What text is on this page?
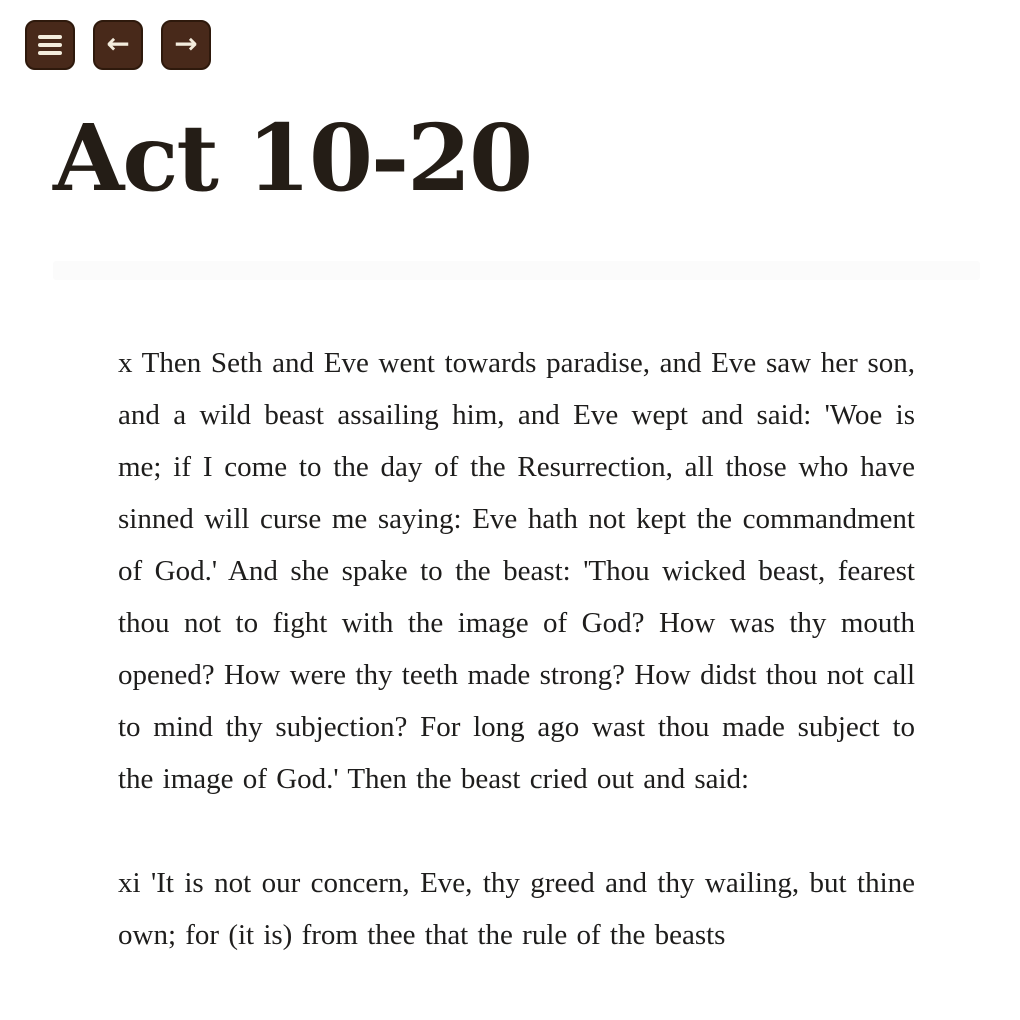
← →
Act 10-20

x Then Seth and Eve went towards paradise, and Eve saw her son, and a wild beast assailing him, and Eve wept and said: 'Woe is me; if I come to the day of the Resurrection, all those who have sinned will curse me saying: Eve hath not kept the commandment of God.' And she spake to the beast: 'Thou wicked beast, fearest thou not to fight with the image of God? How was thy mouth opened? How were thy teeth made strong? How didst thou not call to mind thy subjection? For long ago wast thou made subject to the image of God.' Then the beast cried out and said:

xi 'It is not our concern, Eve, thy greed and thy wailing, but thine own; for (it is) from thee that the rule of the beasts
